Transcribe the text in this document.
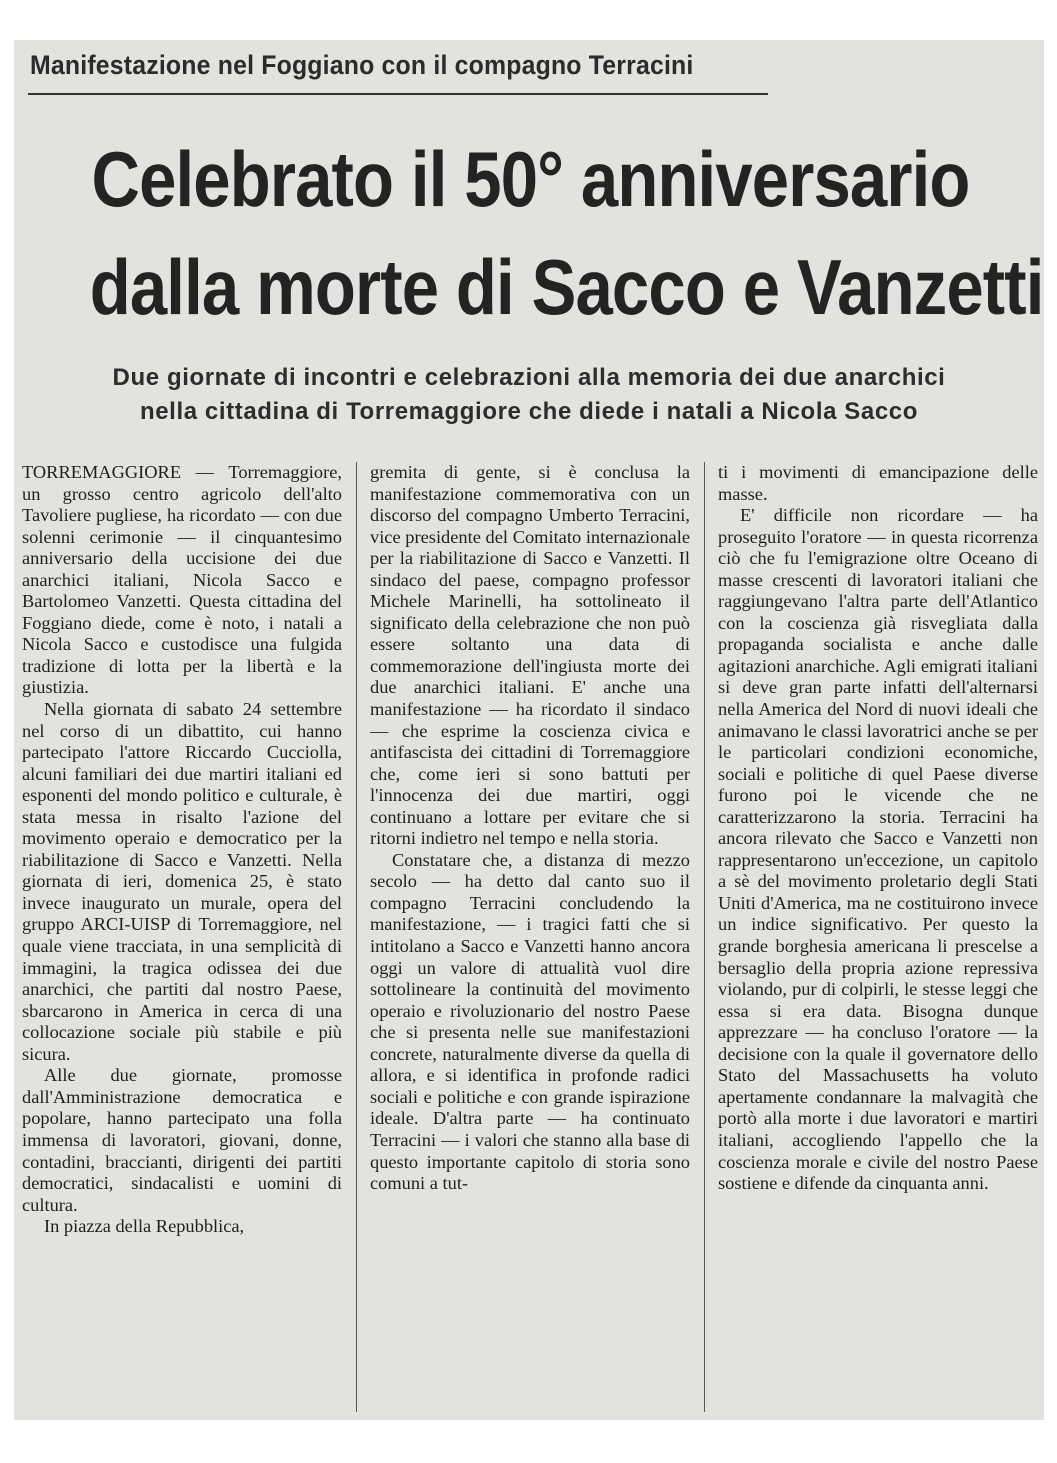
Manifestazione nel Foggiano con il compagno Terracini
Celebrato il 50° anniversario
dalla morte di Sacco e Vanzetti
Due giornate di incontri e celebrazioni alla memoria dei due anarchici
nella cittadina di Torremaggiore che diede i natali a Nicola Sacco

TORREMAGGIORE — Torremaggiore, un grosso centro agricolo dell'alto Tavoliere pugliese, ha ricordato — con due solenni cerimonie — il cinquantesimo anniversario della uccisione dei due anarchici italiani, Nicola Sacco e Bartolomeo Vanzetti. Questa cittadina del Foggiano diede, come è noto, i natali a Nicola Sacco e custodisce una fulgida tradizione di lotta per la libertà e la giustizia.

Nella giornata di sabato 24 settembre nel corso di un dibattito, cui hanno partecipato l'attore Riccardo Cucciolla, alcuni familiari dei due martiri italiani ed esponenti del mondo politico e culturale, è stata messa in risalto l'azione del movimento operaio e democratico per la riabilitazione di Sacco e Vanzetti. Nella giornata di ieri, domenica 25, è stato invece inaugurato un murale, opera del gruppo ARCI-UISP di Torremaggiore, nel quale viene tracciata, in una semplicità di immagini, la tragica odissea dei due anarchici, che partiti dal nostro Paese, sbarcarono in America in cerca di una collocazione sociale più stabile e più sicura.

Alle due giornate, promosse dall'Amministrazione democratica e popolare, hanno partecipato una folla immensa di lavoratori, giovani, donne, contadini, braccianti, dirigenti dei partiti democratici, sindacalisti e uomini di cultura.

In piazza della Repubblica,

gremita di gente, si è conclusa la manifestazione commemorativa con un discorso del compagno Umberto Terracini, vice presidente del Comitato internazionale per la riabilitazione di Sacco e Vanzetti. Il sindaco del paese, compagno professor Michele Marinelli, ha sottolineato il significato della celebrazione che non può essere soltanto una data di commemorazione dell'ingiusta morte dei due anarchici italiani. E' anche una manifestazione — ha ricordato il sindaco — che esprime la coscienza civica e antifascista dei cittadini di Torremaggiore che, come ieri si sono battuti per l'innocenza dei due martiri, oggi continuano a lottare per evitare che si ritorni indietro nel tempo e nella storia.

Constatare che, a distanza di mezzo secolo — ha detto dal canto suo il compagno Terracini concludendo la manifestazione, — i tragici fatti che si intitolano a Sacco e Vanzetti hanno ancora oggi un valore di attualità vuol dire sottolineare la continuità del movimento operaio e rivoluzionario del nostro Paese che si presenta nelle sue manifestazioni concrete, naturalmente diverse da quella di allora, e si identifica in profonde radici sociali e politiche e con grande ispirazione ideale. D'altra parte — ha continuato Terracini — i valori che stanno alla base di questo importante capitolo di storia sono comuni a tut-

ti i movimenti di emancipazione delle masse.

E' difficile non ricordare — ha proseguito l'oratore — in questa ricorrenza ciò che fu l'emigrazione oltre Oceano di masse crescenti di lavoratori italiani che raggiungevano l'altra parte dell'Atlantico con la coscienza già risvegliata dalla propaganda socialista e anche dalle agitazioni anarchiche. Agli emigrati italiani si deve gran parte infatti dell'alternarsi nella America del Nord di nuovi ideali che animavano le classi lavoratrici anche se per le particolari condizioni economiche, sociali e politiche di quel Paese diverse furono poi le vicende che ne caratterizzarono la storia. Terracini ha ancora rilevato che Sacco e Vanzetti non rappresentarono un'eccezione, un capitolo a sè del movimento proletario degli Stati Uniti d'America, ma ne costituirono invece un indice significativo. Per questo la grande borghesia americana li prescelse a bersaglio della propria azione repressiva violando, pur di colpirli, le stesse leggi che essa si era data. Bisogna dunque apprezzare — ha concluso l'oratore — la decisione con la quale il governatore dello Stato del Massachusetts ha voluto apertamente condannare la malvagità che portò alla morte i due lavoratori e martiri italiani, accogliendo l'appello che la coscienza morale e civile del nostro Paese sostiene e difende da cinquanta anni.
